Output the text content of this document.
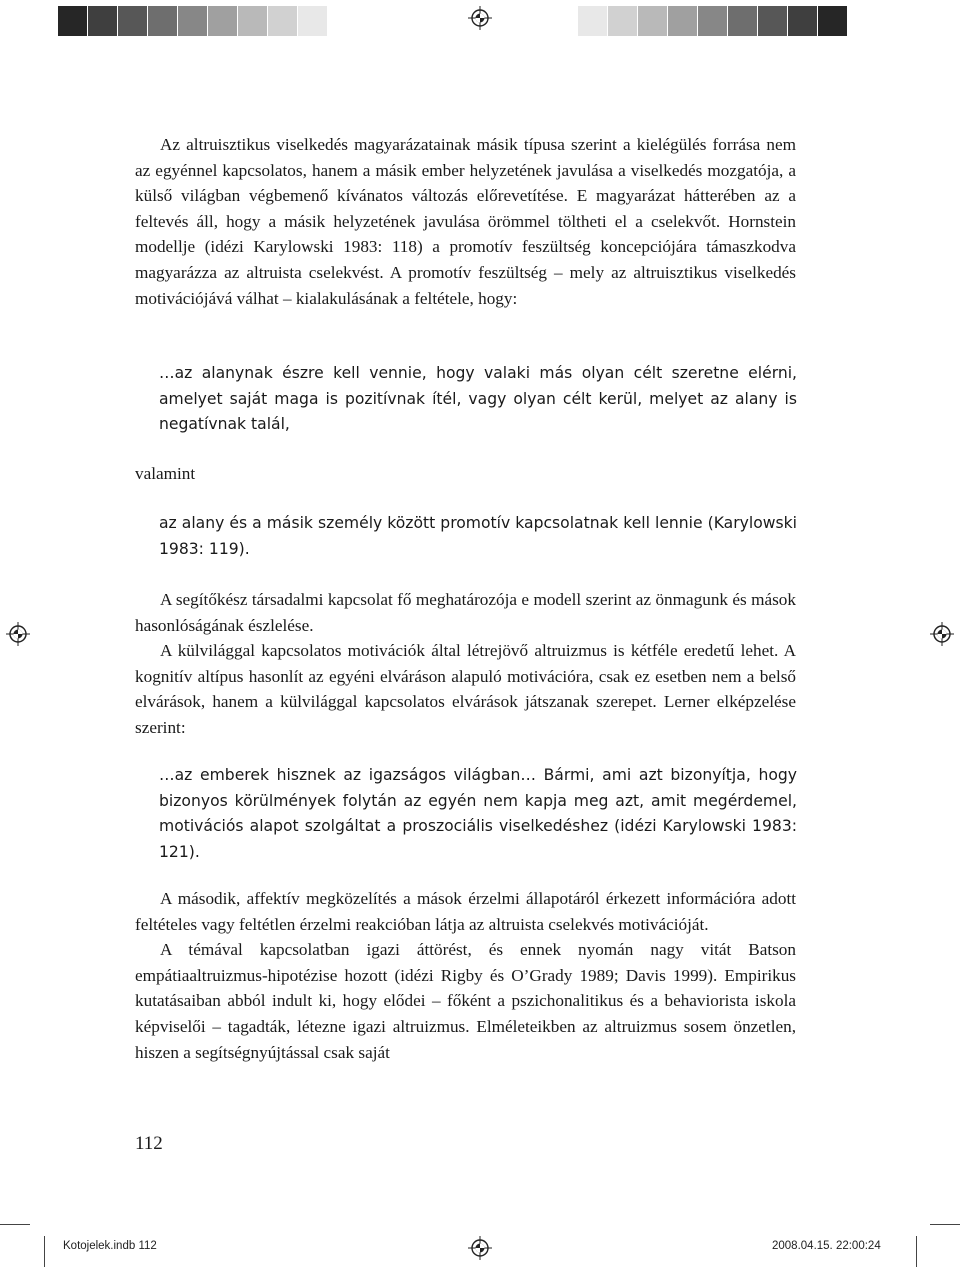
Az altruisztikus viselkedés magyarázatainak másik típusa szerint a kielégülés forrása nem az egyénnel kapcsolatos, hanem a másik ember helyzetének javulása a viselkedés mozgatója, a külső világban végbemenő kívánatos változás előrevetítése. E magyarázat hátterében az a feltevés áll, hogy a másik helyzetének javulása örömmel töltheti el a cselekvőt. Hornstein modellje (idézi Karylowski 1983: 118) a promotív feszültség koncepciójára támaszkodva magyarázza az altruista cselekvést. A promotív feszültség – mely az altruisztikus viselkedés motivációjává válhat – kialakulásának a feltétele, hogy:

…az alanynak észre kell vennie, hogy valaki más olyan célt szeretne elérni, amelyet saját maga is pozitívnak ítél, vagy olyan célt kerül, melyet az alany is negatívnak talál,

valamint

az alany és a másik személy között promotív kapcsolatnak kell lennie (Karylowski 1983: 119).

A segítőkész társadalmi kapcsolat fő meghatározója e modell szerint az önmagunk és mások hasonlóságának észlelése.

A külvilággal kapcsolatos motivációk által létrejövő altruizmus is kétféle eredetű lehet. A kognitív altípus hasonlít az egyéni elváráson alapuló motivációra, csak ez esetben nem a belső elvárások, hanem a külvilággal kapcsolatos elvárások játszanak szerepet. Lerner elképzelése szerint:

…az emberek hisznek az igazságos világban… Bármi, ami azt bizonyítja, hogy bizonyos körülmények folytán az egyén nem kapja meg azt, amit megérdemel, motivációs alapot szolgáltat a proszociális viselkedéshez (idézi Karylowski 1983: 121).

A második, affektív megközelítés a mások érzelmi állapotáról érkezett információra adott feltételes vagy feltétlen érzelmi reakcióban látja az altruista cselekvés motivációját.

A témával kapcsolatban igazi áttörést, és ennek nyomán nagy vitát Batson empátiaaltruizmus-hipotézise hozott (idézi Rigby és O’Grady 1989; Davis 1999). Empirikus kutatásaiban abból indult ki, hogy elődei – főként a pszichonalitikus és a behaviorista iskola képviselői – tagadták, létezne igazi altruizmus. Elméleteikben az altruizmus sosem önzetlen, hiszen a segítségnyújtással csak saját

112
Kotojelek.indb 112	2008.04.15. 22:00:24
